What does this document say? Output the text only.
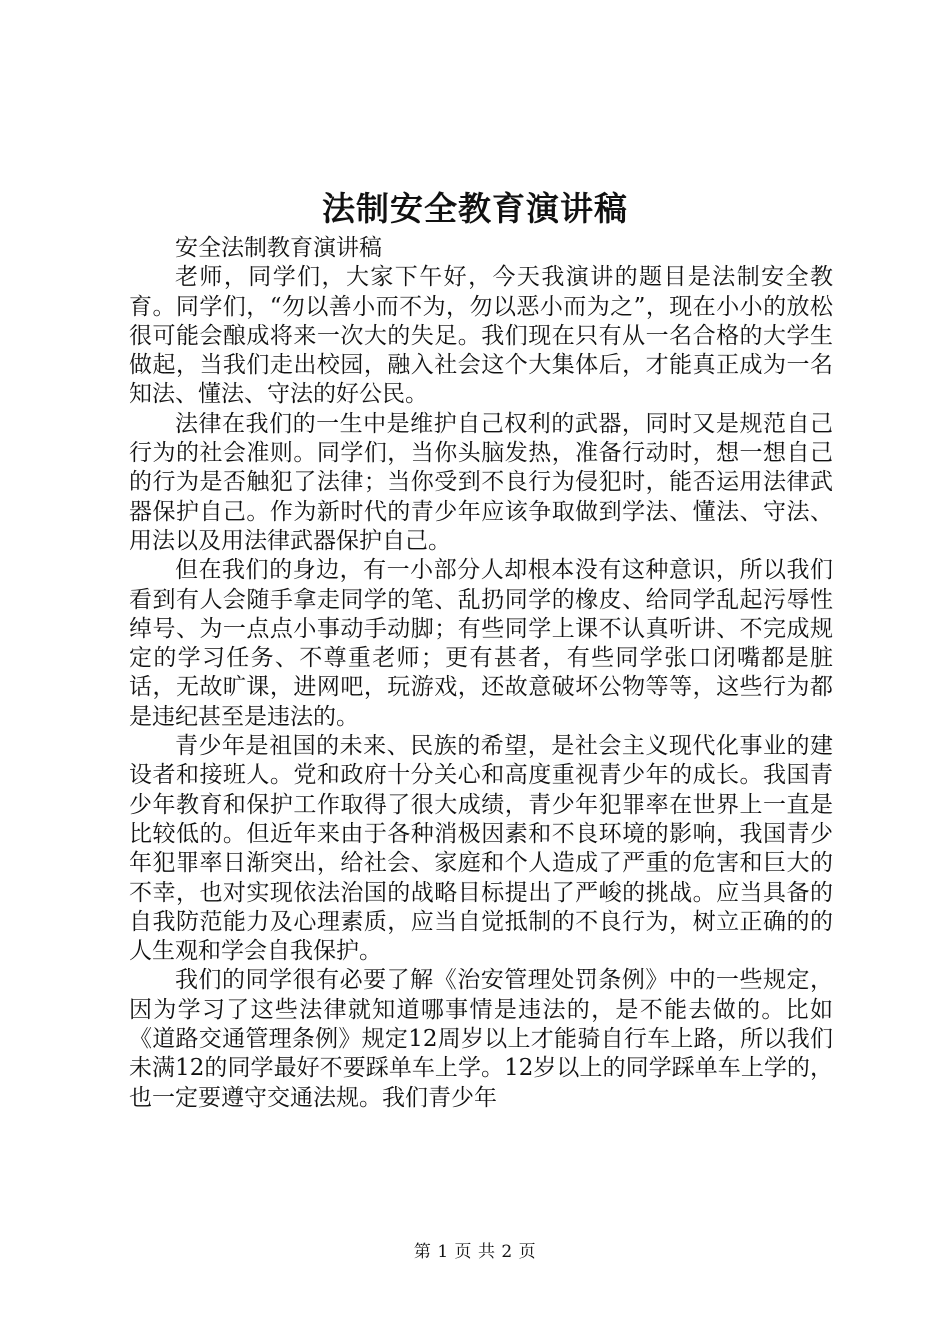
法制安全教育演讲稿

安全法制教育演讲稿

老师，同学们，大家下午好，今天我演讲的题目是法制安全教育。同学们，“勿以善小而不为，勿以恶小而为之”，现在小小的放松很可能会酿成将来一次大的失足。我们现在只有从一名合格的大学生做起，当我们走出校园，融入社会这个大集体后，才能真正成为一名知法、懂法、守法的好公民。

法律在我们的一生中是维护自己权利的武器，同时又是规范自己行为的社会准则。同学们，当你头脑发热，准备行动时，想一想自己的行为是否触犯了法律；当你受到不良行为侵犯时，能否运用法律武器保护自己。作为新时代的青少年应该争取做到学法、懂法、守法、用法以及用法律武器保护自己。

但在我们的身边，有一小部分人却根本没有这种意识，所以我们看到有人会随手拿走同学的笔、乱扔同学的橡皮、给同学乱起污辱性绰号、为一点点小事动手动脚；有些同学上课不认真听讲、不完成规定的学习任务、不尊重老师；更有甚者，有些同学张口闭嘴都是脏话，无故旷课，进网吧，玩游戏，还故意破坏公物等等，这些行为都是违纪甚至是违法的。

青少年是祖国的未来、民族的希望，是社会主义现代化事业的建设者和接班人。党和政府十分关心和高度重视青少年的成长。我国青少年教育和保护工作取得了很大成绩，青少年犯罪率在世界上一直是比较低的。但近年来由于各种消极因素和不良环境的影响，我国青少年犯罪率日渐突出，给社会、家庭和个人造成了严重的危害和巨大的不幸，也对实现依法治国的战略目标提出了严峻的挑战。应当具备的自我防范能力及心理素质，应当自觉抵制的不良行为，树立正确的的人生观和学会自我保护。

我们的同学很有必要了解《治安管理处罚条例》中的一些规定，因为学习了这些法律就知道哪事情是违法的，是不能去做的。比如《道路交通管理条例》规定12周岁以上才能骑自行车上路，所以我们未满12的同学最好不要踩单车上学。12岁以上的同学踩单车上学的，也一定要遵守交通法规。我们青少年

第 1 页 共 2 页
